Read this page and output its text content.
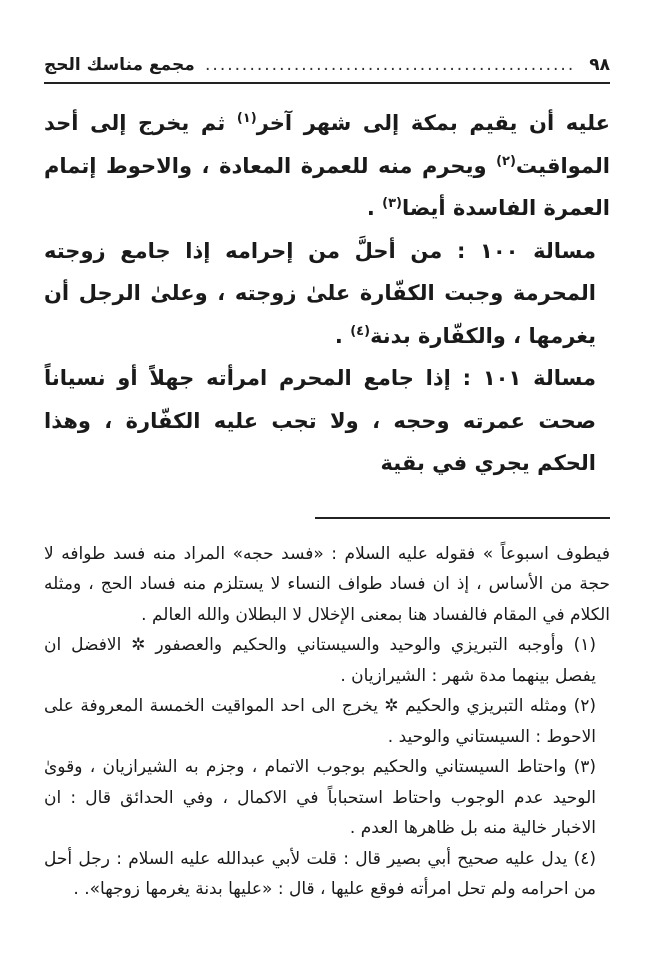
٩٨
..................................................
مجمع مناسك الحج

عليه أن يقيم بمكة إلى شهر آخر$^{(١)}$ ثم يخرج إلى أحد المواقيت$^{(٢)}$ ويحرم منه للعمرة المعادة ، والاحوط إتمام العمرة الفاسدة أيضا$^{(٣)}$ .

مسالة ١٠٠ : من أحلَّ من إحرامه إذا جامع زوجته المحرمة وجبت الكفّارة علىٰ زوجته ، وعلىٰ الرجل أن يغرمها ، والكفّارة بدنة$^{(٤)}$ .

مسالة ١٠١ : إذا جامع المحرم امرأته جهلاً أو نسياناً صحت عمرته وحجه ، ولا تجب عليه الكفّارة ، وهذا الحكم يجري في بقية

فيطوف اسبوعاً » فقوله عليه السلام : «فسد حجه» المراد منه فسد طوافه لا حجة من الأساس ، إذ ان فساد طواف النساء لا يستلزم منه فساد الحج ، ومثله الكلام في المقام فالفساد هنا بمعنى الإخلال لا البطلان والله العالم .

(١) وأوجبه التبريزي والوحيد والسيستاني والحكيم والعصفور ✲ الافضل ان يفصل بينهما مدة شهر : الشيرازيان .

(٢) ومثله التبريزي والحكيم ✲ يخرج الى احد المواقيت الخمسة المعروفة على الاحوط : السيستاني والوحيد .

(٣) واحتاط السيستاني والحكيم بوجوب الاتمام ، وجزم به الشيرازيان ، وقوىٰ الوحيد عدم الوجوب واحتاط استحباباً في الاكمال ، وفي الحدائق قال : ان الاخبار خالية منه بل ظاهرها العدم .

(٤) يدل عليه صحيح أبي بصير قال : قلت لأبي عبدالله عليه السلام : رجل أحل من احرامه ولم تحل امرأته فوقع عليها ، قال : «عليها بدنة يغرمها زوجها». .
